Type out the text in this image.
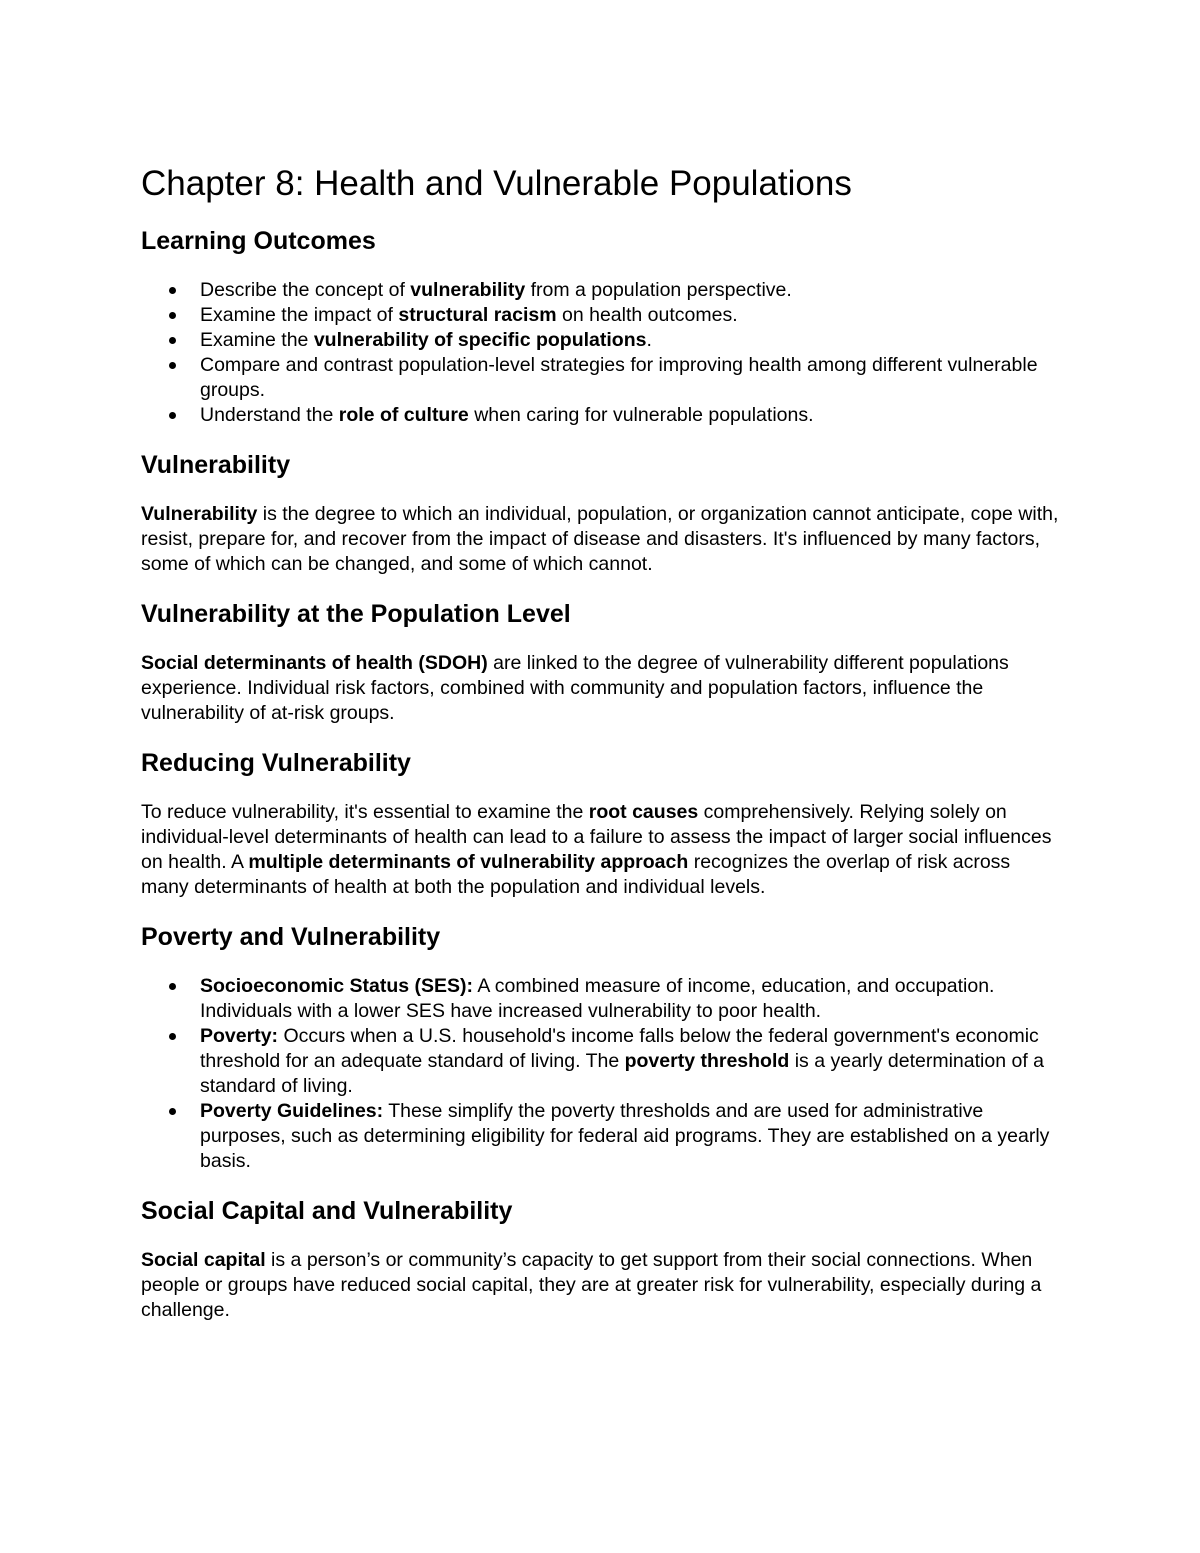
Chapter 8: Health and Vulnerable Populations
Learning Outcomes
Describe the concept of vulnerability from a population perspective.
Examine the impact of structural racism on health outcomes.
Examine the vulnerability of specific populations.
Compare and contrast population-level strategies for improving health among different vulnerable groups.
Understand the role of culture when caring for vulnerable populations.
Vulnerability

Vulnerability is the degree to which an individual, population, or organization cannot anticipate, cope with, resist, prepare for, and recover from the impact of disease and disasters. It's influenced by many factors, some of which can be changed, and some of which cannot.

Vulnerability at the Population Level

Social determinants of health (SDOH) are linked to the degree of vulnerability different populations experience. Individual risk factors, combined with community and population factors, influence the vulnerability of at-risk groups.

Reducing Vulnerability

To reduce vulnerability, it's essential to examine the root causes comprehensively. Relying solely on individual-level determinants of health can lead to a failure to assess the impact of larger social influences on health. A multiple determinants of vulnerability approach recognizes the overlap of risk across many determinants of health at both the population and individual levels.

Poverty and Vulnerability
Socioeconomic Status (SES): A combined measure of income, education, and occupation. Individuals with a lower SES have increased vulnerability to poor health.
Poverty: Occurs when a U.S. household's income falls below the federal government's economic threshold for an adequate standard of living. The poverty threshold is a yearly determination of a standard of living.
Poverty Guidelines: These simplify the poverty thresholds and are used for administrative purposes, such as determining eligibility for federal aid programs. They are established on a yearly basis.
Social Capital and Vulnerability

Social capital is a person’s or community’s capacity to get support from their social connections. When people or groups have reduced social capital, they are at greater risk for vulnerability, especially during a challenge.
